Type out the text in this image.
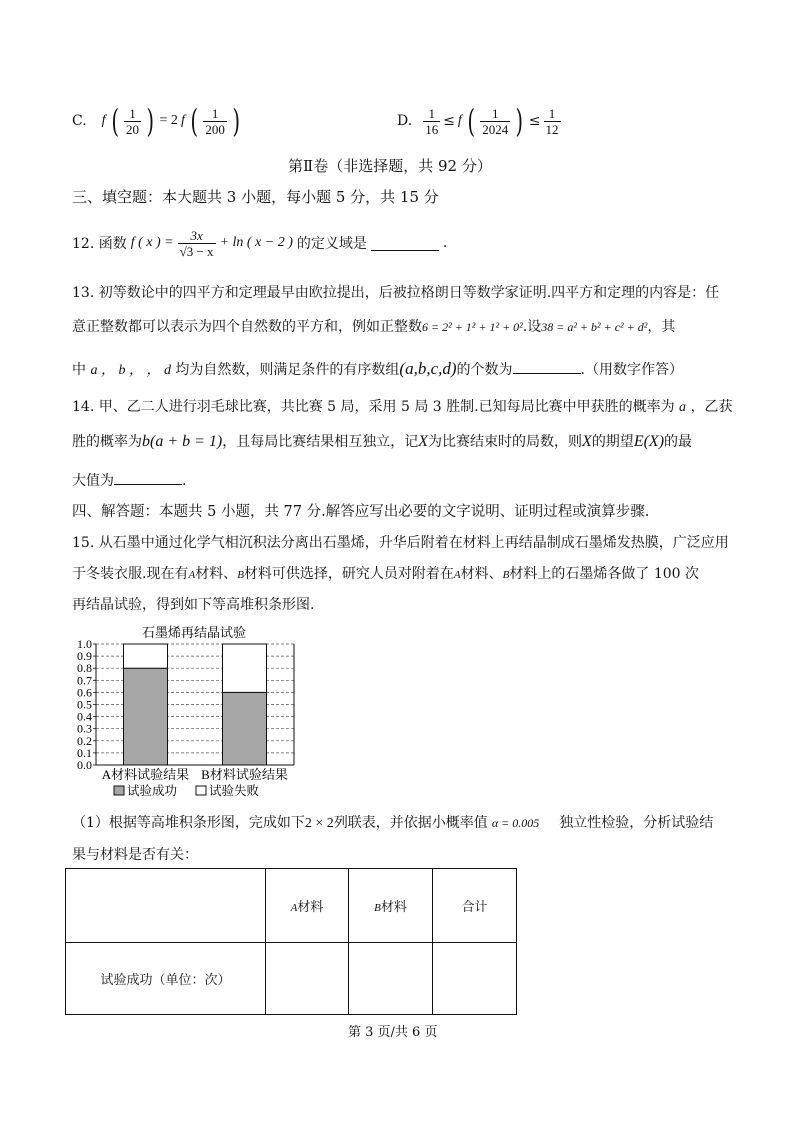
C. f ( $\frac{1}{20}$ ) = 2 f ( $\frac{1}{200}$ )	D. $\frac{1}{16} \le f$ ( $\frac{1}{2024}$ ) ≤ $\frac{1}{12}$
第Ⅱ卷（非选择题，共 92 分）
三、填空题：本大题共 3 小题，每小题 5 分，共 15 分
12. 函数 f ( x ) = $\frac{3x}{√3 - x} + \ln$ ( x − 2 ) 的定义域是	.
13. 初等数论中的四平方和定理最早由欧拉提出，后被拉格朗日等数学家证明.四平方和定理的内容是：任
意正整数都可以表示为四个自然数的平方和，例如正整数6 = 2² + 1² + 1² + 0².设38 = a² + b² + c² + d²，其
中 a ， b ， ， d 均为自然数，则满足条件的有序数组(a,b,c,d)的个数为	.（用数字作答）
14. 甲、乙二人进行羽毛球比赛，共比赛 5 局，采用 5 局 3 胜制.已知每局比赛中甲获胜的概率为 a ，乙获
胜的概率为b(a + b = 1)，且每局比赛结果相互独立，记X为比赛结束时的局数，则X的期望E(X)的最
大值为	.
四、解答题：本题共 5 小题，共 77 分.解答应写出必要的文字说明、证明过程或演算步骤.
15. 从石墨中通过化学气相沉积法分离出石墨烯，升华后附着在材料上再结晶制成石墨烯发热膜，广泛应用
于冬装衣服.现在有A材料、B材料可供选择，研究人员对附着在A材料、B材料上的石墨烯各做了 100 次
再结晶试验，得到如下等高堆积条形图.
石墨烯再结晶试验
0.0
0.1
0.2
0.3
0.4
0.5
0.6
0.7
0.8
0.9
1.0
A材料试验结果 B材料试验结果
试验成功	试验失败
（1）根据等高堆积条形图，完成如下2 × 2列联表，并依据小概率值 α = 0.005 独立性检验，分析试验结
果与材料是否有关：
	A材料	B材料	合计
试验成功（单位：次）			
第 3 页/共 6 页
